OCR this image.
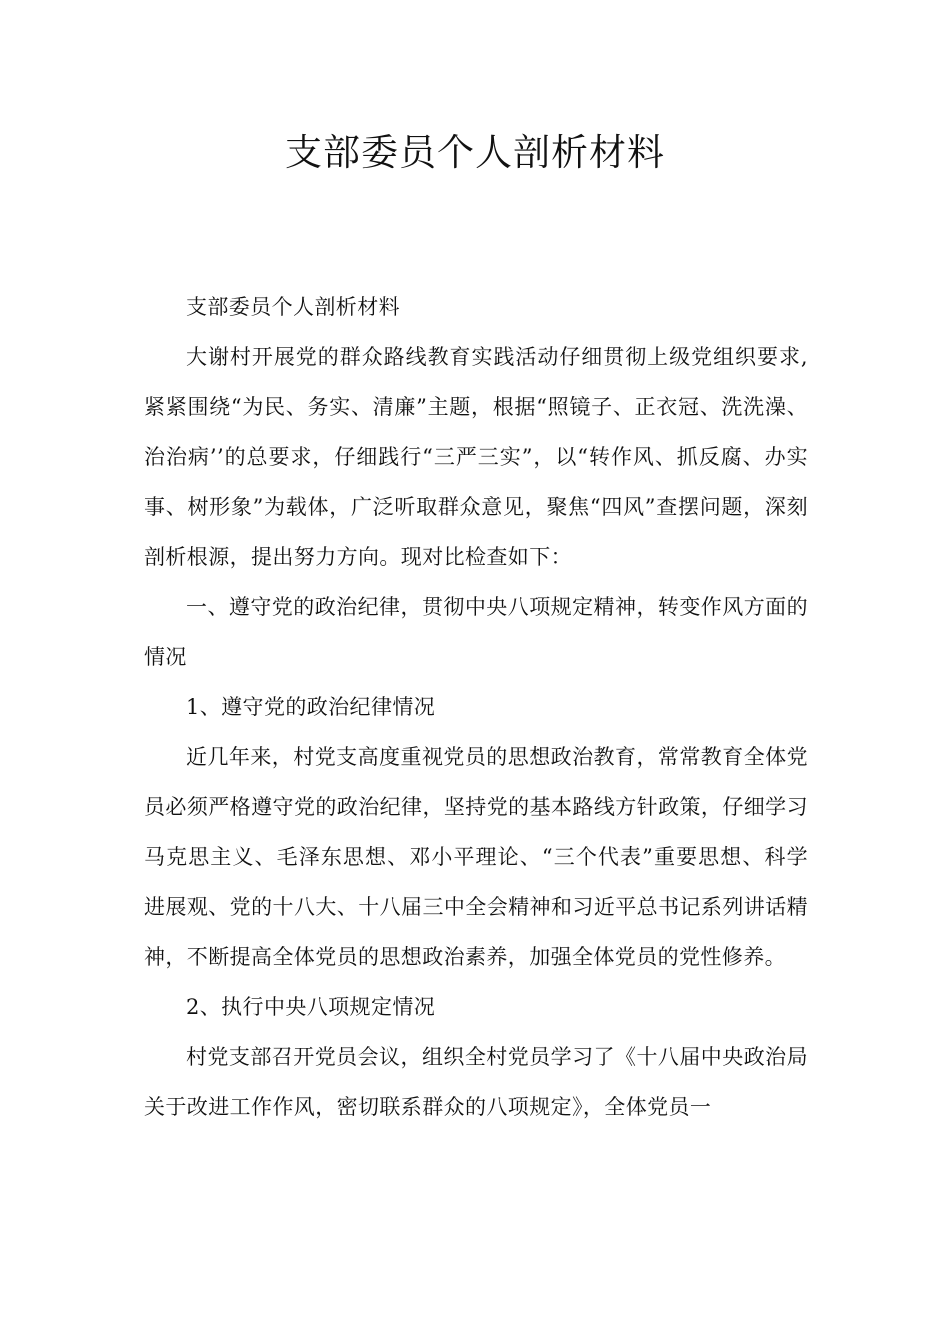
支部委员个人剖析材料

支部委员个人剖析材料

大谢村开展党的群众路线教育实践活动仔细贯彻上级党组织要求,紧紧围绕“为民、务实、清廉”主题，根据“照镜子、正衣冠、洗洗澡、治治病’’的总要求，仔细践行“三严三实”，以“转作风、抓反腐、办实事、树形象”为载体，广泛听取群众意见，聚焦“四风”查摆问题，深刻剖析根源，提出努力方向。现对比检查如下：

一、遵守党的政治纪律，贯彻中央八项规定精神，转变作风方面的情况

1、遵守党的政治纪律情况

近几年来，村党支高度重视党员的思想政治教育，常常教育全体党员必须严格遵守党的政治纪律，坚持党的基本路线方针政策，仔细学习马克思主义、毛泽东思想、邓小平理论、“三个代表”重要思想、科学进展观、党的十八大、十八届三中全会精神和习近平总书记系列讲话精神，不断提高全体党员的思想政治素养，加强全体党员的党性修养。

2、执行中央八项规定情况

村党支部召开党员会议，组织全村党员学习了《十八届中央政治局关于改进工作作风，密切联系群众的八项规定》，全体党员一
